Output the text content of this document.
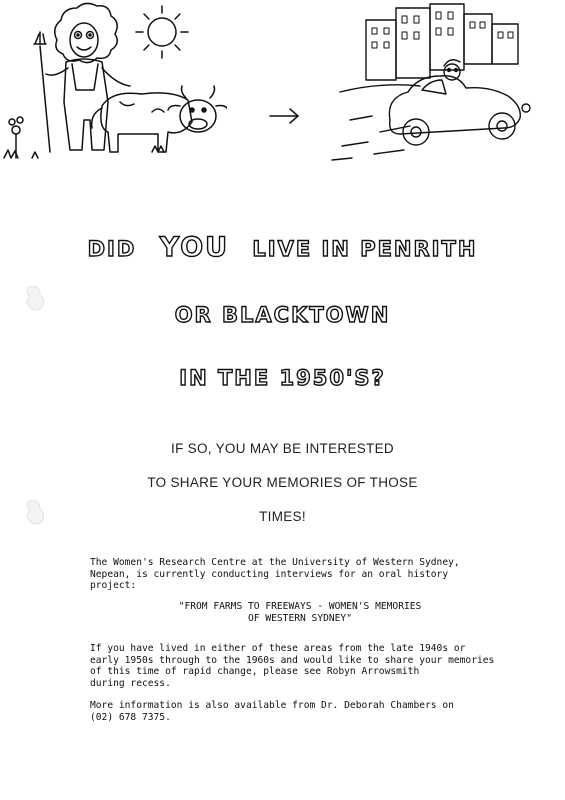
DID YOU LIVE IN PENRITH
OR BLACKTOWN
IN THE 1950'S?
IF SO, YOU MAY BE INTERESTED
TO SHARE YOUR MEMORIES OF THOSE
TIMES!
The Women's Research Centre at the University of Western Sydney,
Nepean, is currently conducting interviews for an oral history
project:
"FROM FARMS TO FREEWAYS - WOMEN'S MEMORIES
OF WESTERN SYDNEY"
If you have lived in either of these areas from the late 1940s or
early 1950s through to the 1960s and would like to share your memories
of this time of rapid change, please see Robyn Arrowsmith
during recess.
More information is also available from Dr. Deborah Chambers on
(02) 678 7375.
